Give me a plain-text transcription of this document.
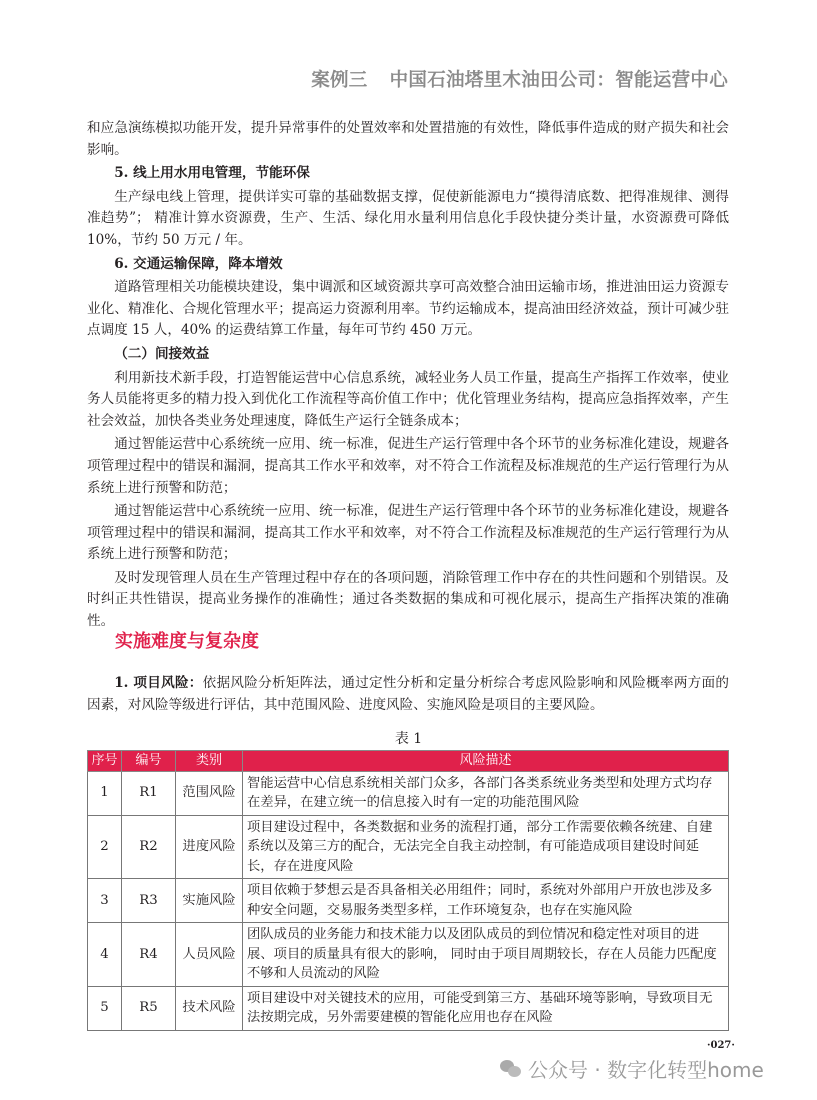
案例三 中国石油塔里木油田公司：智能运营中心

和应急演练模拟功能开发，提升异常事件的处置效率和处置措施的有效性，降低事件造成的财产损失和社会影响。

5. 线上用水用电管理，节能环保

生产绿电线上管理，提供详实可靠的基础数据支撑，促使新能源电力“摸得清底数、把得准规律、测得准趋势”； 精准计算水资源费，生产、生活、绿化用水量利用信息化手段快捷分类计量，水资源费可降低 10%，节约 50 万元 / 年。

6. 交通运输保障，降本增效

道路管理相关功能模块建设，集中调派和区域资源共享可高效整合油田运输市场，推进油田运力资源专业化、精准化、合规化管理水平；提高运力资源利用率。节约运输成本，提高油田经济效益，预计可减少驻点调度 15 人，40% 的运费结算工作量，每年可节约 450 万元。

（二）间接效益

利用新技术新手段，打造智能运营中心信息系统，减轻业务人员工作量，提高生产指挥工作效率，使业务人员能将更多的精力投入到优化工作流程等高价值工作中；优化管理业务结构，提高应急指挥效率，产生社会效益，加快各类业务处理速度，降低生产运行全链条成本；

通过智能运营中心系统统一应用、统一标准，促进生产运行管理中各个环节的业务标准化建设，规避各项管理过程中的错误和漏洞，提高其工作水平和效率，对不符合工作流程及标准规范的生产运行管理行为从系统上进行预警和防范；

通过智能运营中心系统统一应用、统一标准，促进生产运行管理中各个环节的业务标准化建设，规避各项管理过程中的错误和漏洞，提高其工作水平和效率，对不符合工作流程及标准规范的生产运行管理行为从系统上进行预警和防范；

及时发现管理人员在生产管理过程中存在的各项问题，消除管理工作中存在的共性问题和个别错误。及时纠正共性错误，提高业务操作的准确性；通过各类数据的集成和可视化展示，提高生产指挥决策的准确性。

实施难度与复杂度

1. 项目风险：依据风险分析矩阵法，通过定性分析和定量分析综合考虑风险影响和风险概率两方面的因素，对风险等级进行评估，其中范围风险、进度风险、实施风险是项目的主要风险。

表 1
序号	编号	类别	风险描述
1	R1	范围风险	智能运营中心信息系统相关部门众多，各部门各类系统业务类型和处理方式均存在差异，在建立统一的信息接入时有一定的功能范围风险
2	R2	进度风险	项目建设过程中，各类数据和业务的流程打通，部分工作需要依赖各统建、自建系统以及第三方的配合，无法完全自我主动控制，有可能造成项目建设时间延长，存在进度风险
3	R3	实施风险	项目依赖于梦想云是否具备相关必用组件；同时，系统对外部用户开放也涉及多种安全问题，交易服务类型多样，工作环境复杂，也存在实施风险
4	R4	人员风险	团队成员的业务能力和技术能力以及团队成员的到位情况和稳定性对项目的进展、项目的质量具有很大的影响， 同时由于项目周期较长，存在人员能力匹配度不够和人员流动的风险
5	R5	技术风险	项目建设中对关键技术的应用，可能受到第三方、基础环境等影响，导致项目无法按期完成，另外需要建模的智能化应用也存在风险
·027·
公众号 · 数字化转型home
